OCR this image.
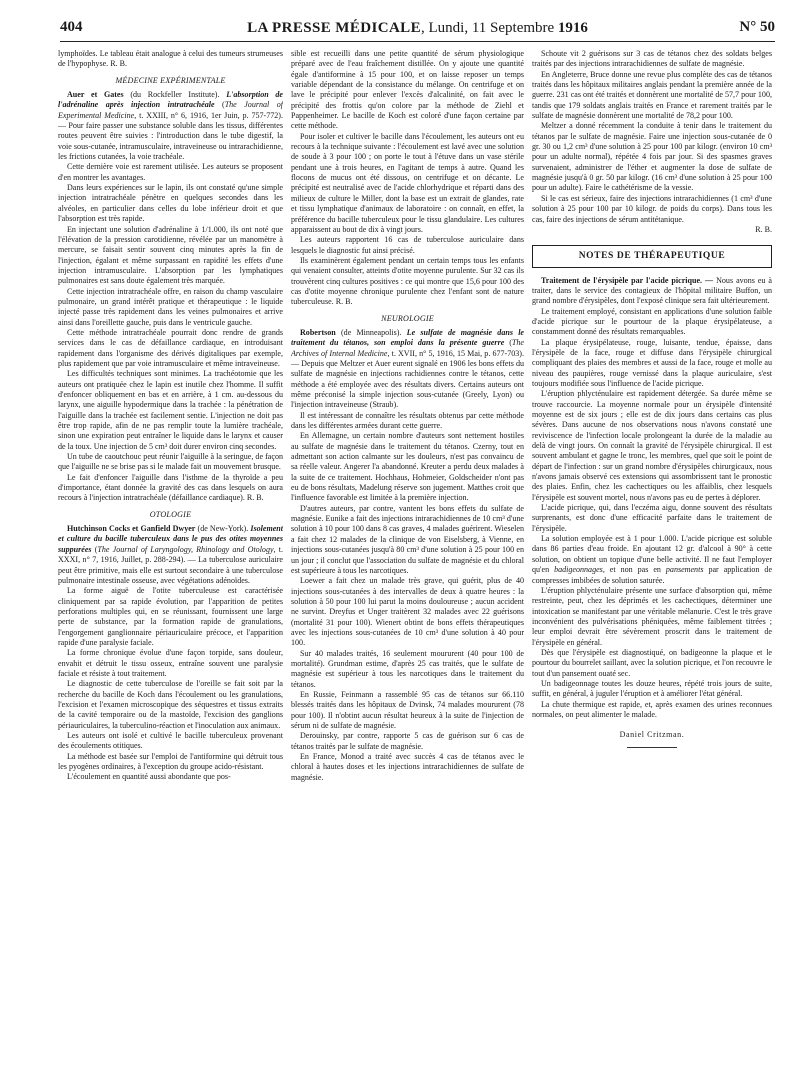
404	LA PRESSE MÉDICALE, Lundi, 11 Septembre 1916	N° 50

lymphoïdes. Le tableau était analogue à celui des tumeurs strumeuses de l'hypophyse. R. B.

MÉDECINE EXPÉRIMENTALE

Auer et Gates (du Rockfeller Institute). L'absorption de l'adrénaline après injection intratrachéale (The Journal of Experimental Medicine, t. XXIII, n° 6, 1916, 1er Juin, p. 757-772). — Pour faire passer une substance soluble dans les tissus, différentes routes peuvent être suivies : l'introduction dans le tube digestif, la voie sous-cutanée, intramusculaire, intraveineuse ou intrarachidienne, les frictions cutanées, la voie trachéale.

Cette dernière voie est rarement utilisée. Les auteurs se proposent d'en montrer les avantages.

Dans leurs expériences sur le lapin, ils ont constaté qu'une simple injection intratrachéale pénètre en quelques secondes dans les alvéoles, en particulier dans celles du lobe inférieur droit et que l'absorption est très rapide.

En injectant une solution d'adrénaline à 1/1.000, ils ont noté que l'élévation de la pression carotidienne, révélée par un manomètre à mercure, se faisait sentir souvent cinq minutes après la fin de l'injection, égalant et même surpassant en rapidité les effets d'une injection intramusculaire. L'absorption par les lymphatiques pulmonaires est sans doute également très marquée.

Cette injection intratrachéale offre, en raison du champ vasculaire pulmonaire, un grand intérêt pratique et thérapeutique : le liquide injecté passe très rapidement dans les veines pulmonaires et arrive ainsi dans l'oreillette gauche, puis dans le ventricule gauche.

Cette méthode intratrachéale pourrait donc rendre de grands services dans le cas de défaillance cardiaque, en introduisant rapidement dans l'organisme des dérivés digitaliques par exemple, plus rapidement que par voie intramusculaire et même intraveineuse.

Les difficultés techniques sont minimes. La trachéotomie que les auteurs ont pratiquée chez le lapin est inutile chez l'homme. Il suffit d'enfoncer obliquement en bas et en arrière, à 1 cm. au-dessous du larynx, une aiguille hypodermique dans la trachée : la pénétration de l'aiguille dans la trachée est facilement sentie. L'injection ne doit pas être trop rapide, afin de ne pas remplir toute la lumière trachéale, sinon une expiration peut entraîner le liquide dans le larynx et causer de la toux. Une injection de 5 cm³ doit durer environ cinq secondes.

Un tube de caoutchouc peut réunir l'aiguille à la seringue, de façon que l'aiguille ne se brise pas si le malade fait un mouvement brusque.

Le fait d'enfoncer l'aiguille dans l'isthme de la thyroïde a peu d'importance, étant donnée la gravité des cas dans lesquels on aura recours à l'injection intratrachéale (défaillance cardiaque). R. B.

OTOLOGIE

Hutchinson Cocks et Ganfield Dwyer (de New-York). Isolement et culture du bacille tuberculeux dans le pus des otites moyennes suppurées (The Journal of Laryngology, Rhinology and Otology, t. XXXI, n° 7, 1916, Juillet, p. 288-294). — La tuberculose auriculaire peut être primitive, mais elle est surtout secondaire à une tuberculose pulmonaire intestinale osseuse, avec végétations adénoïdes.

La forme aiguë de l'otite tuberculeuse est caractérisée cliniquement par sa rapide évolution, par l'apparition de petites perforations multiples qui, en se réunissant, fournissent une large perte de substance, par la formation rapide de granulations, l'engorgement ganglionnaire périauriculaire précoce, et l'apparition rapide d'une paralysie faciale.

La forme chronique évolue d'une façon torpide, sans douleur, envahit et détruit le tissu osseux, entraîne souvent une paralysie faciale et résiste à tout traitement.

Le diagnostic de cette tuberculose de l'oreille se fait soit par la recherche du bacille de Koch dans l'écoulement ou les granulations, l'excision et l'examen microscopique des séquestres et tissus extraits de la cavité temporaire ou de la mastoïde, l'excision des ganglions périauriculaires, la tuberculino-réaction et l'inoculation aux animaux.

Les auteurs ont isolé et cultivé le bacille tuberculeux provenant des écoulements otitiques.

La méthode est basée sur l'emploi de l'antiformine qui détruit tous les pyogènes ordinaires, à l'exception du groupe acido-résistant.

L'écoulement en quantité aussi abondante que pos-

sible est recueilli dans une petite quantité de sérum physiologique préparé avec de l'eau fraîchement distillée. On y ajoute une quantité égale d'antiformine à 15 pour 100, et on laisse reposer un temps variable dépendant de la consistance du mélange. On centrifuge et on lave le précipité pour enlever l'excès d'alcalinité, on fait avec le précipité des frottis qu'on colore par la méthode de Ziehl et Pappenheimer. Le bacille de Koch est coloré d'une façon certaine par cette méthode.

Pour isoler et cultiver le bacille dans l'écoulement, les auteurs ont eu recours à la technique suivante : l'écoulement est lavé avec une solution de soude à 3 pour 100 ; on porte le tout à l'étuve dans un vase stérile pendant une à trois heures, en l'agitant de temps à autre. Quand les flocons de mucus ont été dissous, on centrifuge et on décante. Le précipité est neutralisé avec de l'acide chlorhydrique et réparti dans des milieux de culture le Miller, dont la base est un extrait de glandes, rate et tissu lymphatique d'animaux de laboratoire : on connaît, en effet, la préférence du bacille tuberculeux pour le tissu glandulaire. Les cultures apparaissent au bout de dix à vingt jours.

Les auteurs rapportent 16 cas de tuberculose auriculaire dans lesquels le diagnostic fut ainsi précisé.

Ils examinèrent également pendant un certain temps tous les enfants qui venaient consulter, atteints d'otite moyenne purulente. Sur 32 cas ils trouvèrent cinq cultures positives : ce qui montre que 15,6 pour 100 des cas d'otite moyenne chronique purulente chez l'enfant sont de nature tuberculeuse. R. B.

NEUROLOGIE

Robertson (de Minneapolis). Le sulfate de magnésie dans le traitement du tétanos, son emploi dans la présente guerre (The Archives of Internal Medicine, t. XVII, n° 5, 1916, 15 Mai, p. 677-703). — Depuis que Meltzer et Auer eurent signalé en 1906 les bons effets du sulfate de magnésie en injections rachidiennes contre le tétanos, cette méthode a été employée avec des résultats divers. Certains auteurs ont même préconisé la simple injection sous-cutanée (Greely, Lyon) ou l'injection intraveineuse (Straub).

Il est intéressant de connaître les résultats obtenus par cette méthode dans les différentes armées durant cette guerre.

En Allemagne, un certain nombre d'auteurs sont nettement hostiles au sulfate de magnésie dans le traitement du tétanos. Czerny, tout en admettant son action calmante sur les douleurs, n'est pas convaincu de sa réelle valeur. Angerer l'a abandonné. Kreuter a perdu deux malades à la suite de ce traitement. Hochhaus, Hohmeier, Goldscheider n'ont pas eu de bons résultats, Madelung réserve son jugement. Matthes croit que l'influence favorable est limitée à la première injection.

D'autres auteurs, par contre, vantent les bons effets du sulfate de magnésie. Eunike a fait des injections intrarachidiennes de 10 cm³ d'une solution à 10 pour 100 dans 8 cas graves, 4 malades guérirent. Wieselen a fait chez 12 malades de la clinique de von Eiselsberg, à Vienne, en injections sous-cutanées jusqu'à 80 cm³ d'une solution à 25 pour 100 en un jour ; il conclut que l'association du sulfate de magnésie et du chloral est supérieure à tous les narcotiques.

Loewer a fait chez un malade très grave, qui guérit, plus de 40 injections sous-cutanées à des intervalles de deux à quatre heures : la solution à 50 pour 100 lui parut la moins douloureuse ; aucun accident ne survint. Dreyfus et Unger traitèrent 32 malades avec 22 guérisons (mortalité 31 pour 100). Wienert obtint de bons effets thérapeutiques avec les injections sous-cutanées de 10 cm³ d'une solution à 40 pour 100.

Sur 40 malades traités, 16 seulement moururent (40 pour 100 de mortalité). Grundman estime, d'après 25 cas traités, que le sulfate de magnésie est supérieur à tous les narcotiques dans le traitement du tétanos.

En Russie, Feinmann a rassemblé 95 cas de tétanos sur 66.110 blessés traités dans les hôpitaux de Dvinsk, 74 malades moururent (78 pour 100). Il n'obtint aucun résultat heureux à la suite de l'injection de sérum ni de sulfate de magnésie.

Derouinsky, par contre, rapporte 5 cas de guérison sur 6 cas de tétanos traités par le sulfate de magnésie.

En France, Monod a traité avec succès 4 cas de tétanos avec le chloral à hautes doses et les injections intrarachidiennes de sulfate de magnésie.

Schoute vit 2 guérisons sur 3 cas de tétanos chez des soldats belges traités par des injections intrarachidiennes de sulfate de magnésie.

En Angleterre, Bruce donne une revue plus complète des cas de tétanos traités dans les hôpitaux militaires anglais pendant la première année de la guerre. 231 cas ont été traités et donnèrent une mortalité de 57,7 pour 100, tandis que 179 soldats anglais traités en France et rarement traités par le sulfate de magnésie donnèrent une mortalité de 78,2 pour 100.

Meltzer a donné récemment la conduite à tenir dans le traitement du tétanos par le sulfate de magnésie. Faire une injection sous-cutanée de 0 gr. 30 ou 1,2 cm³ d'une solution à 25 pour 100 par kilogr. (environ 10 cm³ pour un adulte normal), répétée 4 fois par jour. Si des spasmes graves survenaient, administrer de l'éther et augmenter la dose de sulfate de magnésie jusqu'à 0 gr. 50 par kilogr. (16 cm³ d'une solution à 25 pour 100 pour un adulte). Faire le cathétérisme de la vessie.

Si le cas est sérieux, faire des injections intrarachidiennes (1 cm³ d'une solution à 25 pour 100 par 10 kilogr. de poids du corps). Dans tous les cas, faire des injections de sérum antitétanique.

R. B.

NOTES DE THÉRAPEUTIQUE

Traitement de l'érysipèle par l'acide picrique. — Nous avons eu à traiter, dans le service des contagieux de l'hôpital militaire Buffon, un grand nombre d'érysipèles, dont l'exposé clinique sera fait ultérieurement.

Le traitement employé, consistant en applications d'une solution faible d'acide picrique sur le pourtour de la plaque érysipélateuse, a constamment donné des résultats remarquables.

La plaque érysipélateuse, rouge, luisante, tendue, épaisse, dans l'érysipèle de la face, rouge et diffuse dans l'érysipèle chirurgical compliquant des plaies des membres et aussi de la face, rouge et molle au niveau des paupières, rouge vernissé dans la plaque auriculaire, s'est toujours modifiée sous l'influence de l'acide picrique.

L'éruption phlycténulaire est rapidement détergée. Sa durée même se trouve raccourcie. La moyenne normale pour un érysipèle d'intensité moyenne est de six jours ; elle est de dix jours dans certains cas plus sévères. Dans aucune de nos observations nous n'avons constaté une reviviscence de l'infection locale prolongeant la durée de la maladie au delà de vingt jours. On connaît la gravité de l'érysipèle chirurgical. Il est souvent ambulant et gagne le tronc, les membres, quel que soit le point de départ de l'infection : sur un grand nombre d'érysipèles chirurgicaux, nous n'avons jamais observé ces extensions qui assombrissent tant le pronostic des plaies. Enfin, chez les cachectiques ou les affaiblis, chez lesquels l'érysipèle est souvent mortel, nous n'avons pas eu de pertes à déplorer.

L'acide picrique, qui, dans l'eczéma aigu, donne souvent des résultats surprenants, est donc d'une efficacité parfaite dans le traitement de l'érysipèle.

La solution employée est à 1 pour 1.000. L'acide picrique est soluble dans 86 parties d'eau froide. En ajoutant 12 gr. d'alcool à 90° à cette solution, on obtient un topique d'une belle activité. Il ne faut l'employer qu'en badigeonnages, et non pas en pansements par application de compresses imbibées de solution saturée.

L'éruption phlycténulaire présente une surface d'absorption qui, même restreinte, peut, chez les déprimés et les cachectiques, déterminer une intoxication se manifestant par une véritable mélanurie. C'est le très grave inconvénient des pulvérisations phéniquées, même faiblement titrées ; leur emploi devrait être sévèrement proscrit dans le traitement de l'érysipèle en général.

Dès que l'érysipèle est diagnostiqué, on badigeonne la plaque et le pourtour du bourrelet saillant, avec la solution picrique, et l'on recouvre le tout d'un pansement ouaté sec.

Un badigeonnage toutes les douze heures, répété trois jours de suite, suffit, en général, à juguler l'éruption et à améliorer l'état général.

La chute thermique est rapide, et, après examen des urines reconnues normales, on peut alimenter le malade.

Daniel Critzman.
